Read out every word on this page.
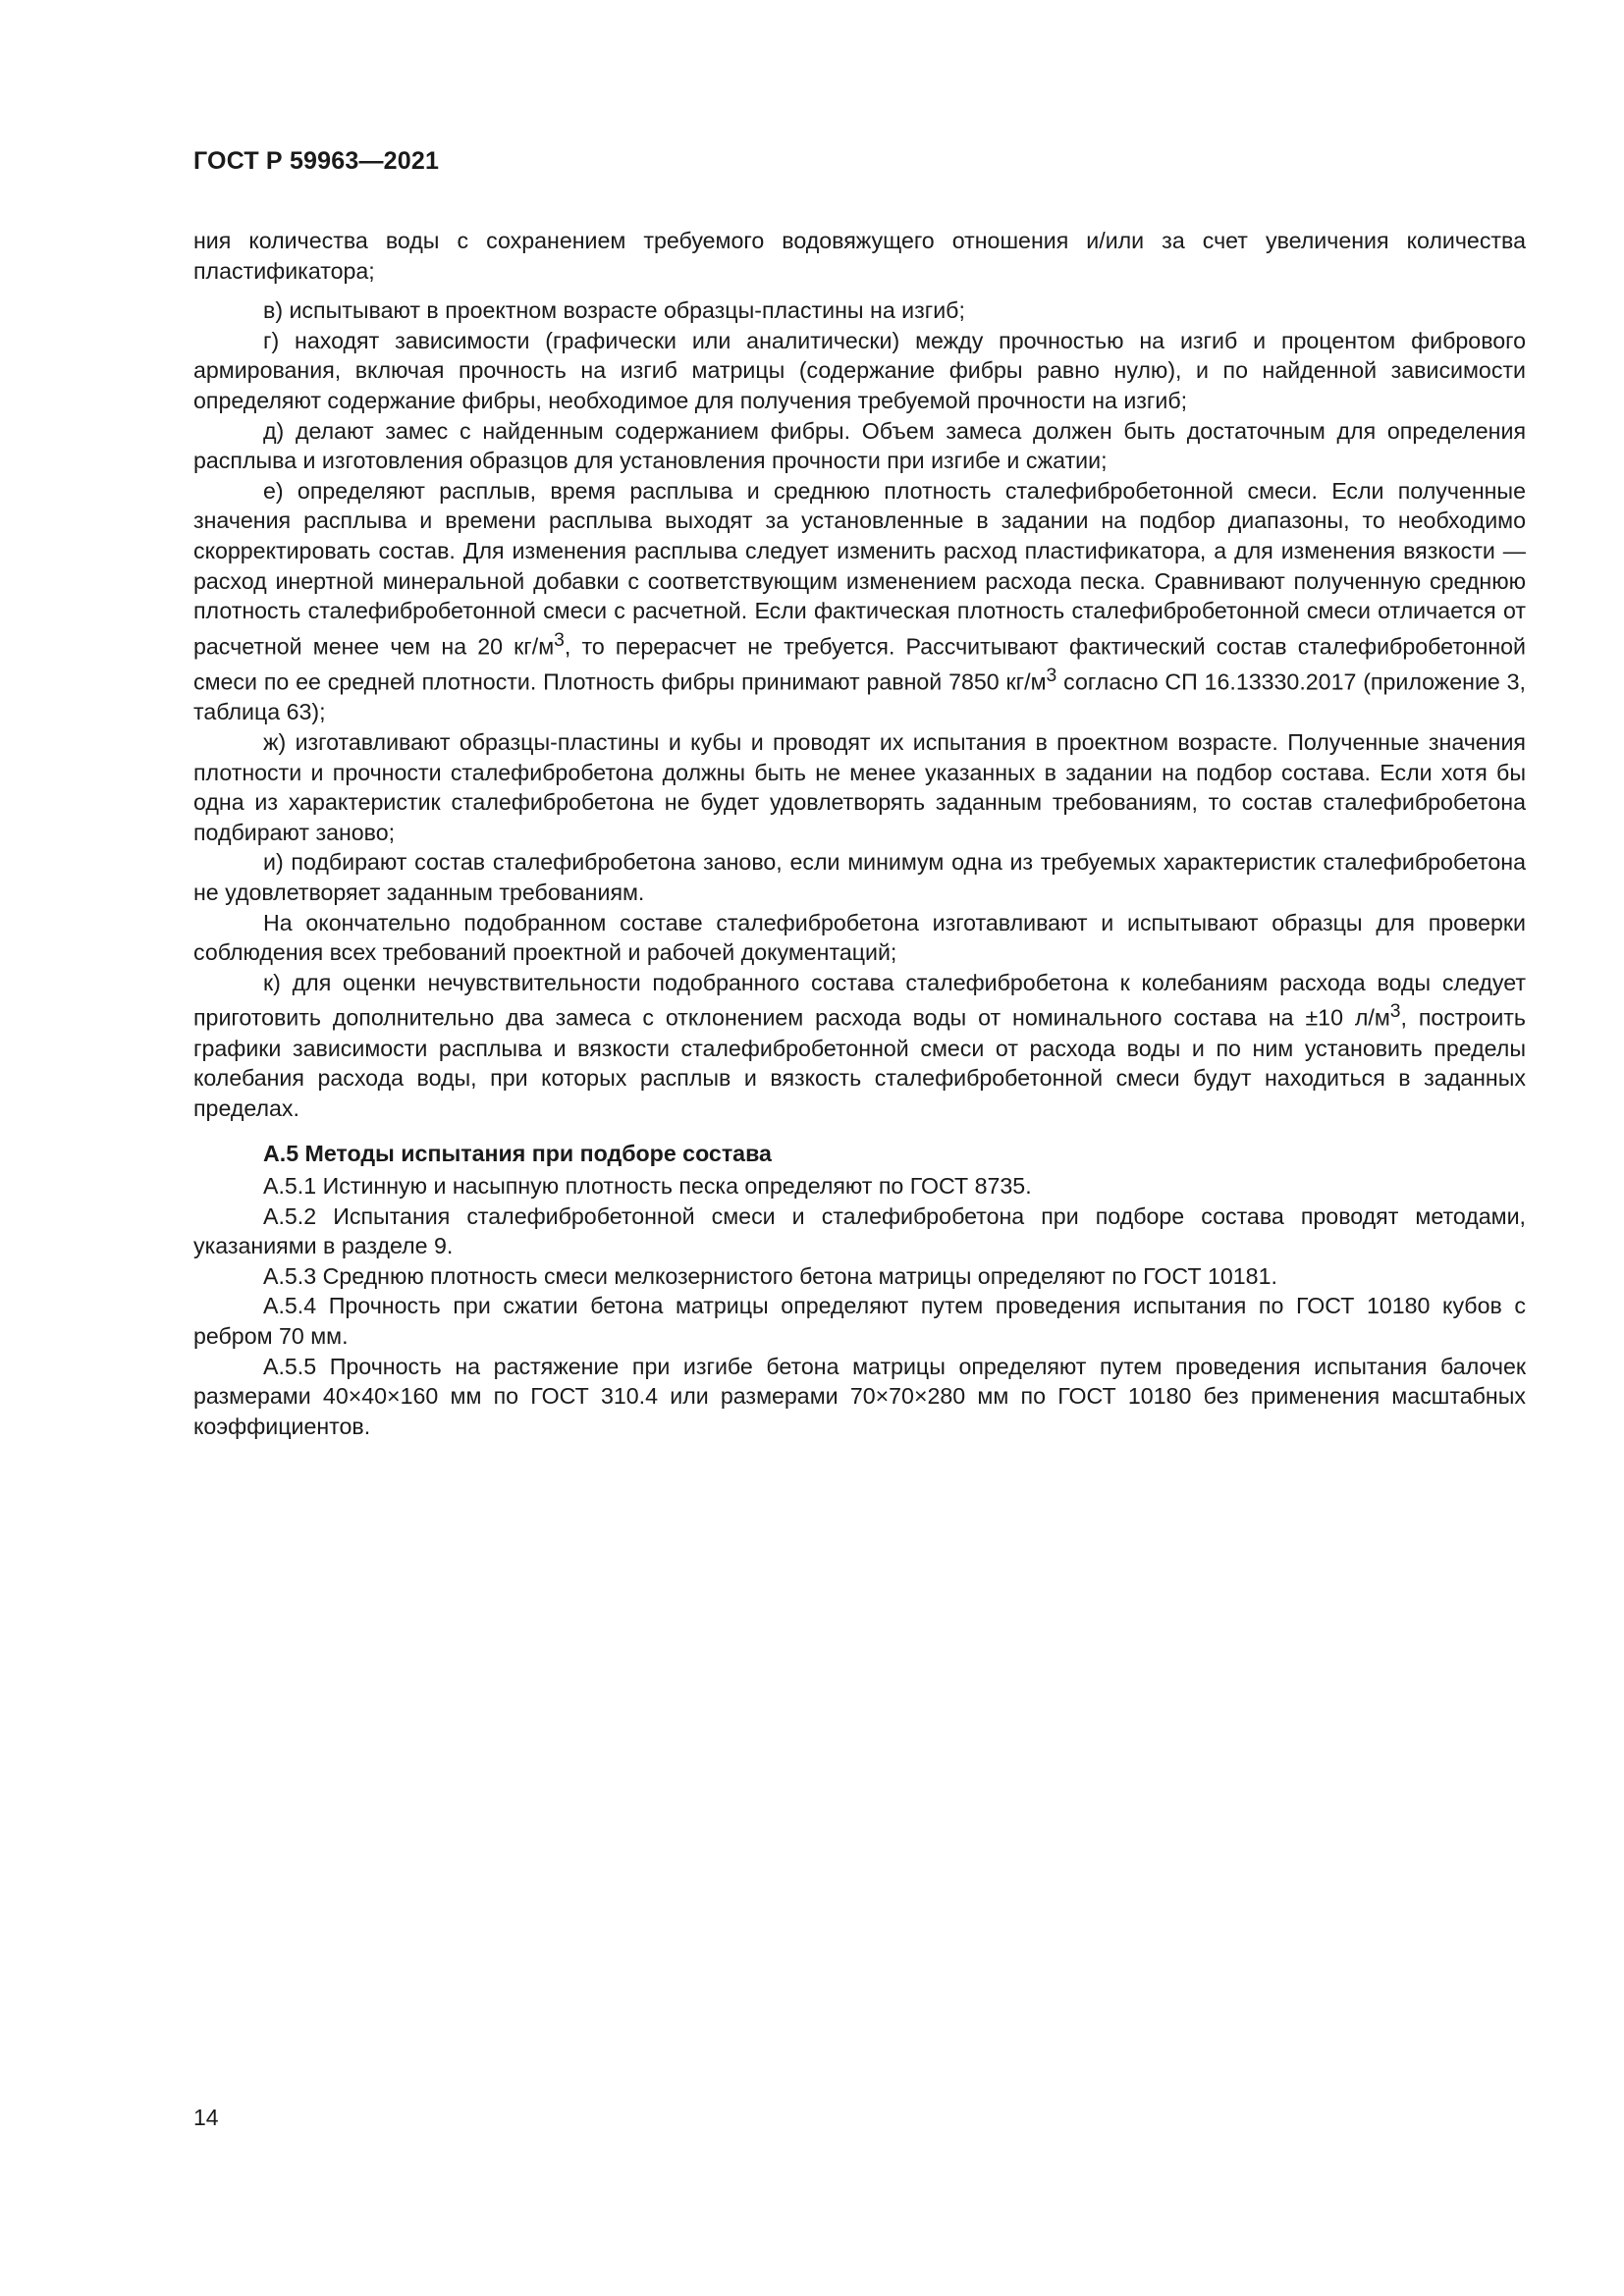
ГОСТ Р 59963—2021

ния количества воды с сохранением требуемого водовяжущего отношения и/или за счет увеличения количества пластификатора;

в) испытывают в проектном возрасте образцы-пластины на изгиб;

г) находят зависимости (графически или аналитически) между прочностью на изгиб и процентом фибрового армирования, включая прочность на изгиб матрицы (содержание фибры равно нулю), и по найденной зависимости определяют содержание фибры, необходимое для получения требуемой прочности на изгиб;

д) делают замес с найденным содержанием фибры. Объем замеса должен быть достаточным для определения расплыва и изготовления образцов для установления прочности при изгибе и сжатии;

е) определяют расплыв, время расплыва и среднюю плотность сталефибробетонной смеси. Если полученные значения расплыва и времени расплыва выходят за установленные в задании на подбор диапазоны, то необходимо скорректировать состав. Для изменения расплыва следует изменить расход пластификатора, а для изменения вязкости — расход инертной минеральной добавки с соответствующим изменением расхода песка. Сравнивают полученную среднюю плотность сталефибробетонной смеси с расчетной. Если фактическая плотность сталефибробетонной смеси отличается от расчетной менее чем на 20 $кг/м^3$, то перерасчет не требуется. Рассчитывают фактический состав сталефибробетонной смеси по ее средней плотности. Плотность фибры принимают равной 7850 $кг/м^3$ согласно СП 16.13330.2017 (приложение 3, таблица 63);

ж) изготавливают образцы-пластины и кубы и проводят их испытания в проектном возрасте. Полученные значения плотности и прочности сталефибробетона должны быть не менее указанных в задании на подбор состава. Если хотя бы одна из характеристик сталефибробетона не будет удовлетворять заданным требованиям, то состав сталефибробетона подбирают заново;

и) подбирают состав сталефибробетона заново, если минимум одна из требуемых характеристик сталефибробетона не удовлетворяет заданным требованиям.

На окончательно подобранном составе сталефибробетона изготавливают и испытывают образцы для проверки соблюдения всех требований проектной и рабочей документаций;

к) для оценки нечувствительности подобранного состава сталефибробетона к колебаниям расхода воды следует приготовить дополнительно два замеса с отклонением расхода воды от номинального состава на ±10 $л/м^3$, построить графики зависимости расплыва и вязкости сталефибробетонной смеси от расхода воды и по ним установить пределы колебания расхода воды, при которых расплыв и вязкость сталефибробетонной смеси будут находиться в заданных пределах.

А.5 Методы испытания при подборе состава

А.5.1 Истинную и насыпную плотность песка определяют по ГОСТ 8735.

А.5.2 Испытания сталефибробетонной смеси и сталефибробетона при подборе состава проводят методами, указаниями в разделе 9.

А.5.3 Среднюю плотность смеси мелкозернистого бетона матрицы определяют по ГОСТ 10181.

А.5.4 Прочность при сжатии бетона матрицы определяют путем проведения испытания по ГОСТ 10180 кубов с ребром 70 мм.

А.5.5 Прочность на растяжение при изгибе бетона матрицы определяют путем проведения испытания балочек размерами 40×40×160 мм по ГОСТ 310.4 или размерами 70×70×280 мм по ГОСТ 10180 без применения масштабных коэффициентов.

14
